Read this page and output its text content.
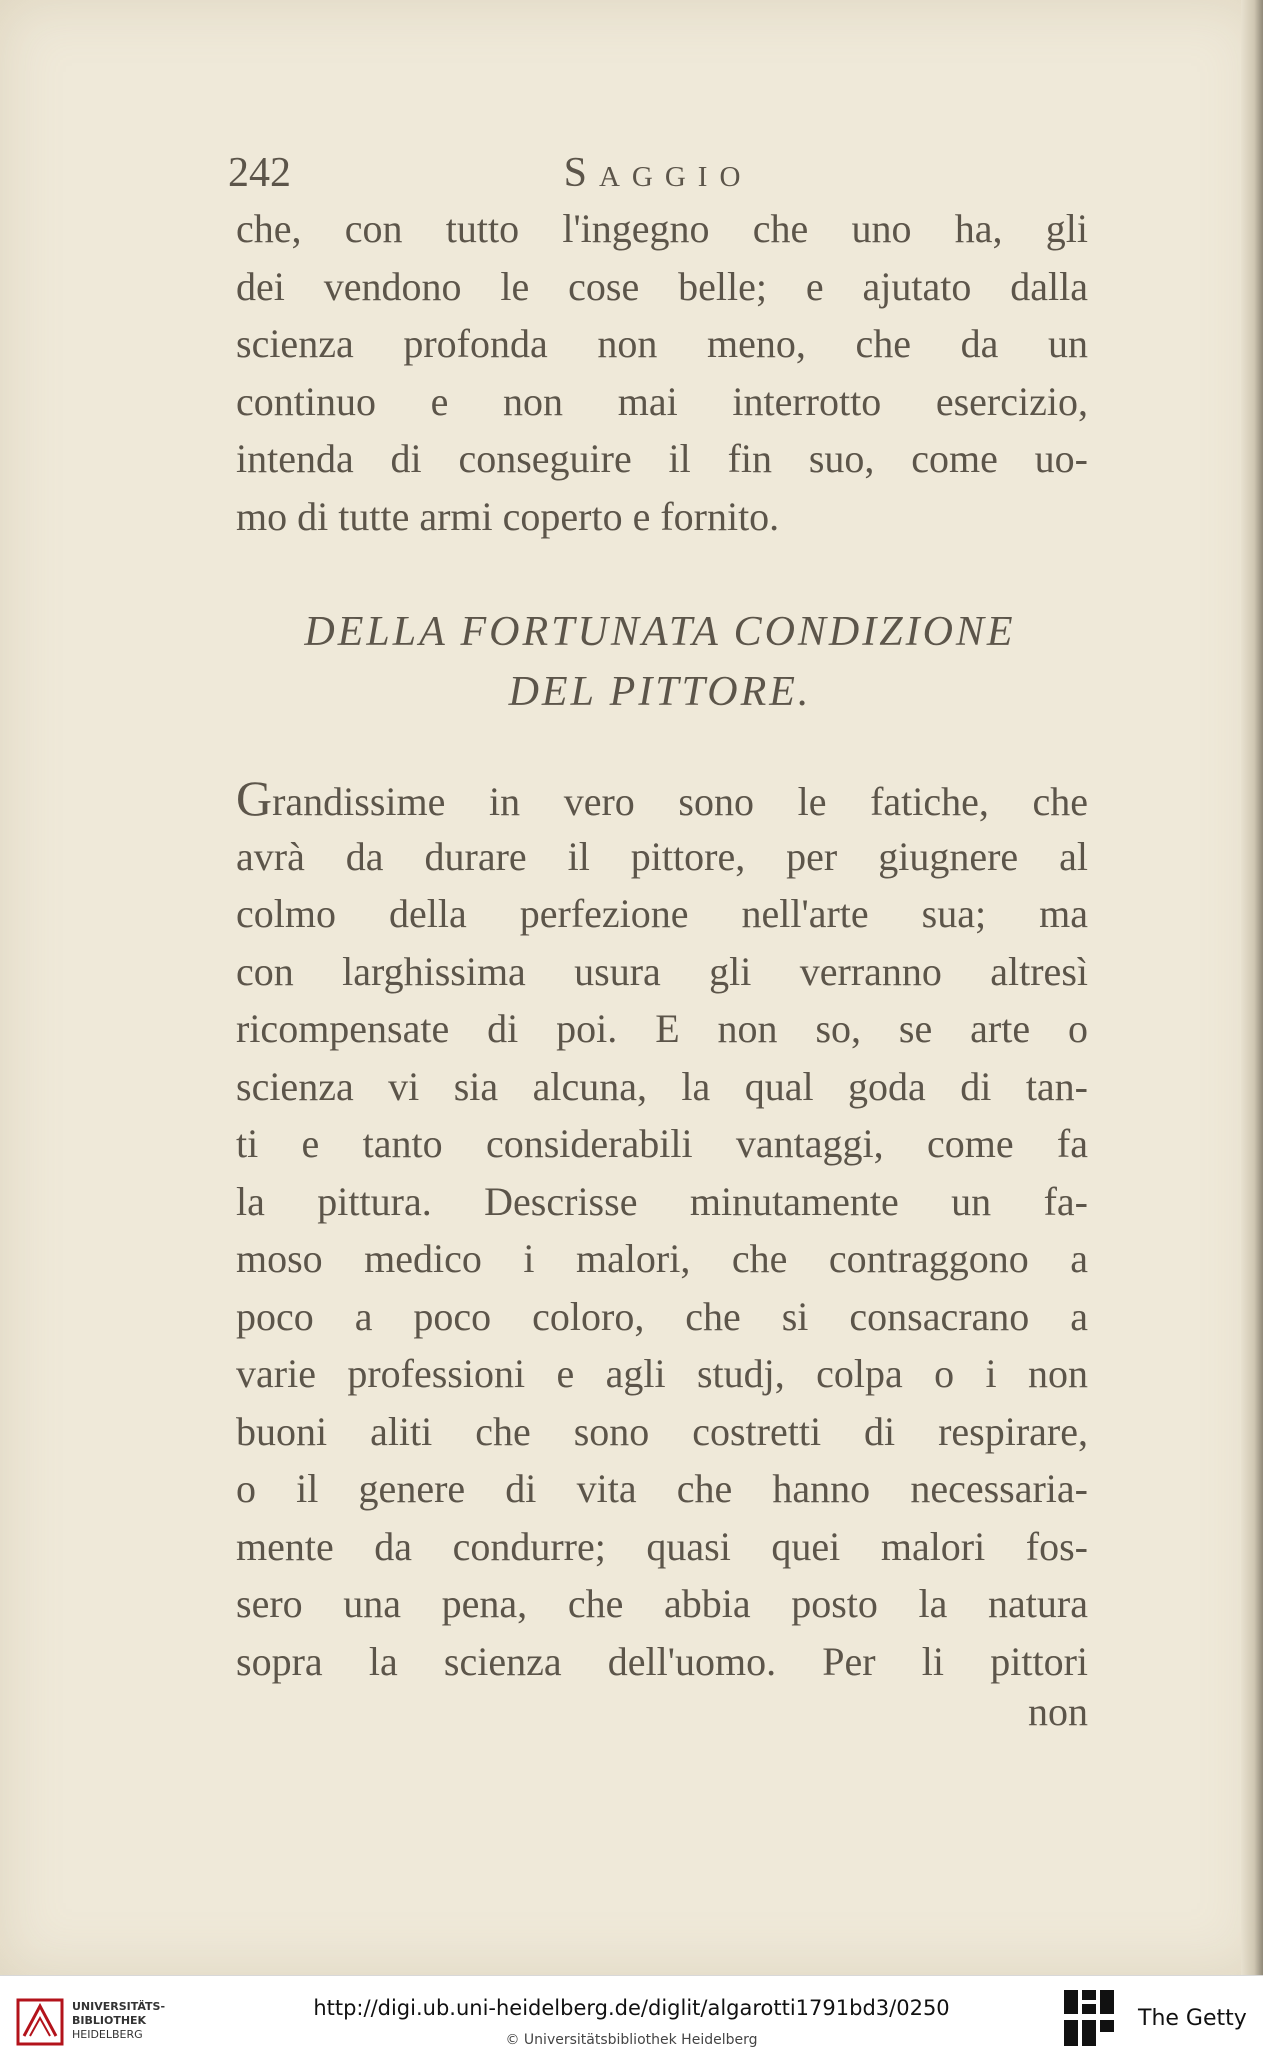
242	Saggio
che, con tutto l'ingegno che uno ha, gli
dei vendono le cose belle; e ajutato dalla
scienza profonda non meno, che da un
continuo e non mai interrotto esercizio,
intenda di conseguire il fin suo, come uo-
mo di tutte armi coperto e fornito.
DELLA FORTUNATA CONDIZIONE
DEL PITTORE.
Grandissime in vero sono le fatiche, che
avrà da durare il pittore, per giugnere al
colmo della perfezione nell'arte sua; ma
con larghissima usura gli verranno altresì
ricompensate di poi. E non so, se arte o
scienza vi sia alcuna, la qual goda di tan-
ti e tanto considerabili vantaggi, come fa
la pittura. Descrisse minutamente un fa-
moso medico i malori, che contraggono a
poco a poco coloro, che si consacrano a
varie professioni e agli studj, colpa o i non
buoni aliti che sono costretti di respirare,
o il genere di vita che hanno necessaria-
mente da condurre; quasi quei malori fos-
sero una pena, che abbia posto la natura
sopra la scienza dell'uomo. Per li pittori
non
UNIVERSITÄTS-
BIBLIOTHEK
HEIDELBERG
http://digi.ub.uni-heidelberg.de/diglit/algarotti1791bd3/0250
© Universitätsbibliothek Heidelberg
The Getty
